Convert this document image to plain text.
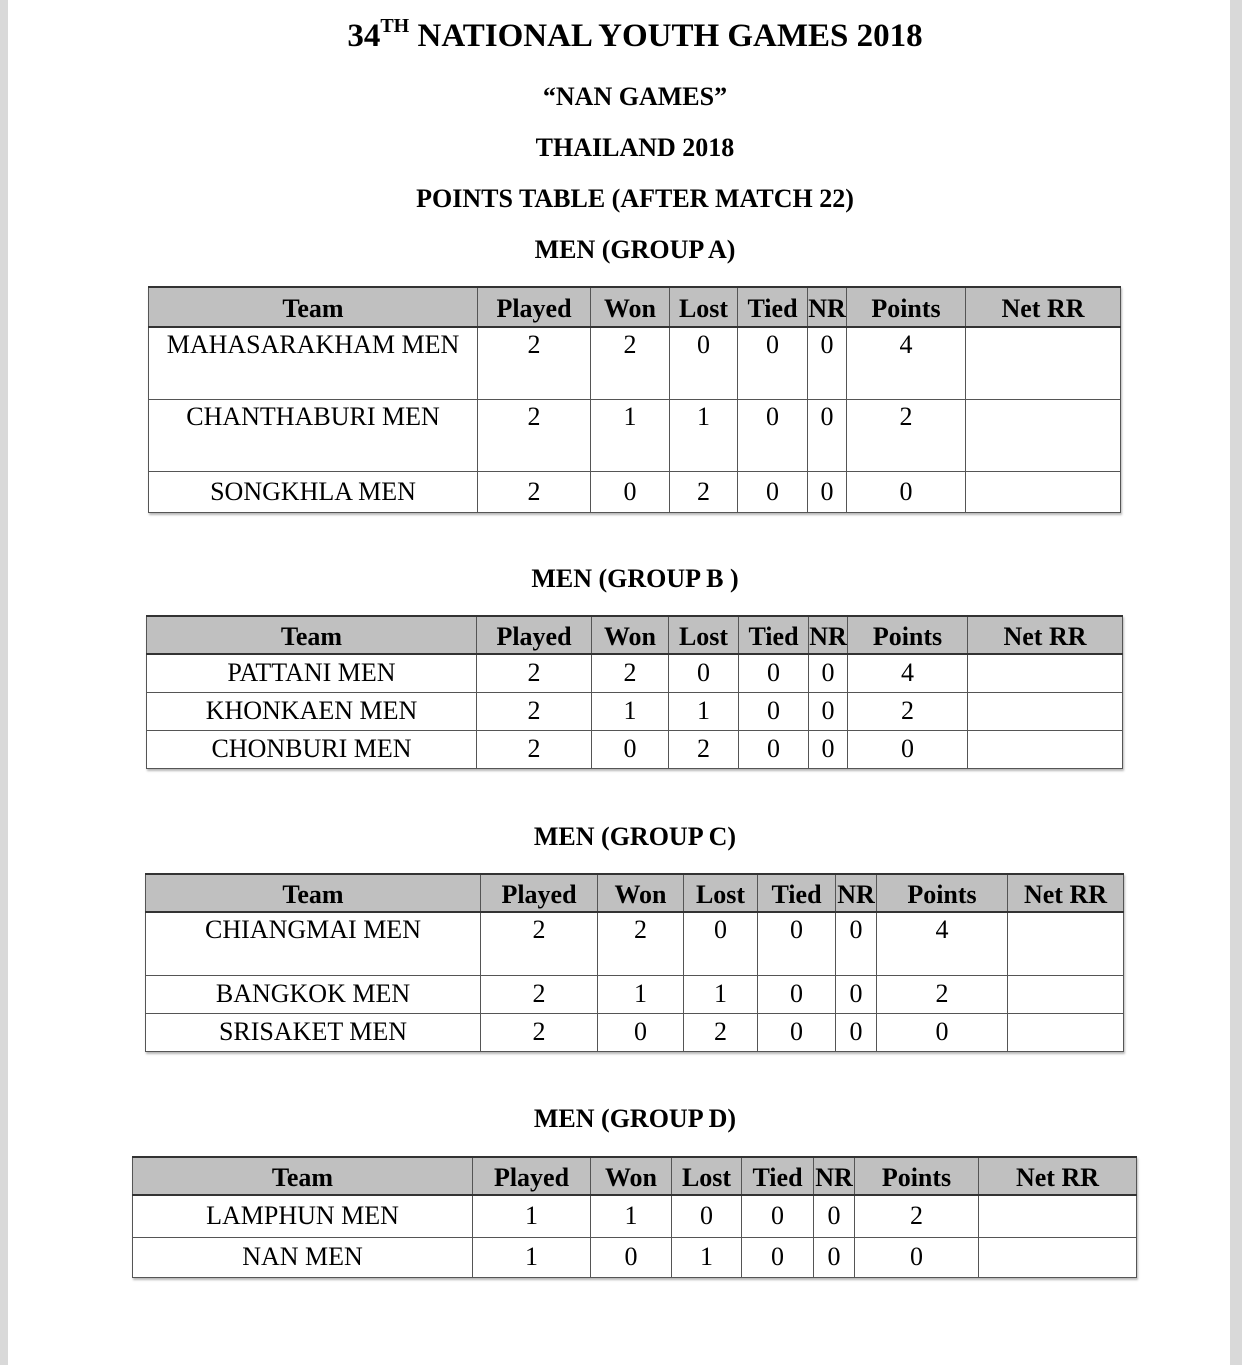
34TH NATIONAL YOUTH GAMES 2018
“NAN GAMES”
THAILAND 2018
POINTS TABLE (AFTER MATCH 22)
MEN (GROUP A)
Team	Played	Won	Lost	Tied	NR	Points	Net RR
MAHASARAKHAM MEN	2	2	0	0	0	4	
CHANTHABURI MEN	2	1	1	0	0	2	
SONGKHLA MEN	2	0	2	0	0	0	
MEN (GROUP B )
Team	Played	Won	Lost	Tied	NR	Points	Net RR
PATTANI MEN	2	2	0	0	0	4	
KHONKAEN MEN	2	1	1	0	0	2	
CHONBURI MEN	2	0	2	0	0	0	
MEN (GROUP C)
Team	Played	Won	Lost	Tied	NR	Points	Net RR
CHIANGMAI MEN	2	2	0	0	0	4	
BANGKOK MEN	2	1	1	0	0	2	
SRISAKET MEN	2	0	2	0	0	0	
MEN (GROUP D)
Team	Played	Won	Lost	Tied	NR	Points	Net RR
LAMPHUN MEN	1	1	0	0	0	2	
NAN MEN	1	0	1	0	0	0	
